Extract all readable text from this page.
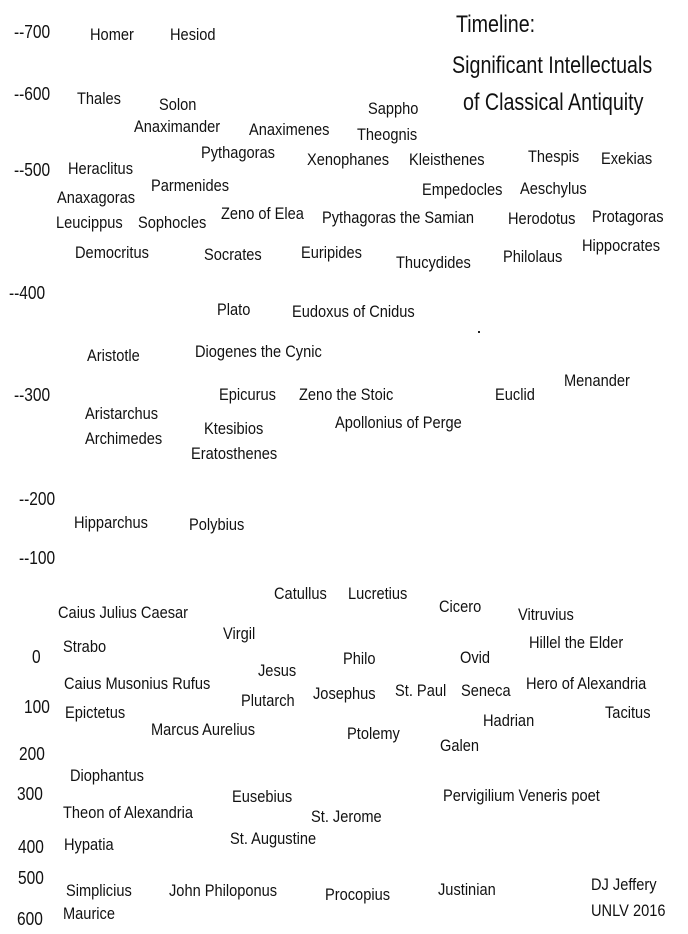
Timeline:
Significant Intellectuals
of Classical Antiquity
--700
--600
--500
--400
--300
--200
--100
0
100
200
300
400
500
600
Homer Hesiod
Thales Solon	Sappho
Anaximander Anaximenes Theognis
Pythagoras Xenophanes Kleisthenes	Thespis Exekias
Heraclitus
Parmenides	Empedocles Aeschylus
Anaxagoras
Leucippus Sophocles Zeno of Elea Pythagoras the Samian Herodotus Protagoras
Democritus	Socrates Euripides
Thucydides Philolaus
Hippocrates
Plato Eudoxus of Cnidus
Aristotle	Diogenes the Cynic
Epicurus Zeno the Stoic	Euclid
Menander
Aristarchus	Apollonius of Perge
Archimedes
Ktesibios
Eratosthenes
Hipparchus Polybius
Catullus Lucretius
Cicero Vitruvius
Caius Julius Caesar
Virgil	Hillel the Elder
Strabo
Jesus
Philo	Ovid
Caius Musonius Rufus	Hero of Alexandria
Plutarch Josephus St. Paul Seneca
Epictetus	Tacitus
Hadrian
Marcus Aurelius	Ptolemy
Galen
Diophantus
Eusebius	Pervigilium Veneris poet
Theon of Alexandria	St. Jerome
St. Augustine
Hypatia
Simplicius John Philoponus	Procopius	Justinian
Maurice
DJ Jeffery
UNLV 2016
